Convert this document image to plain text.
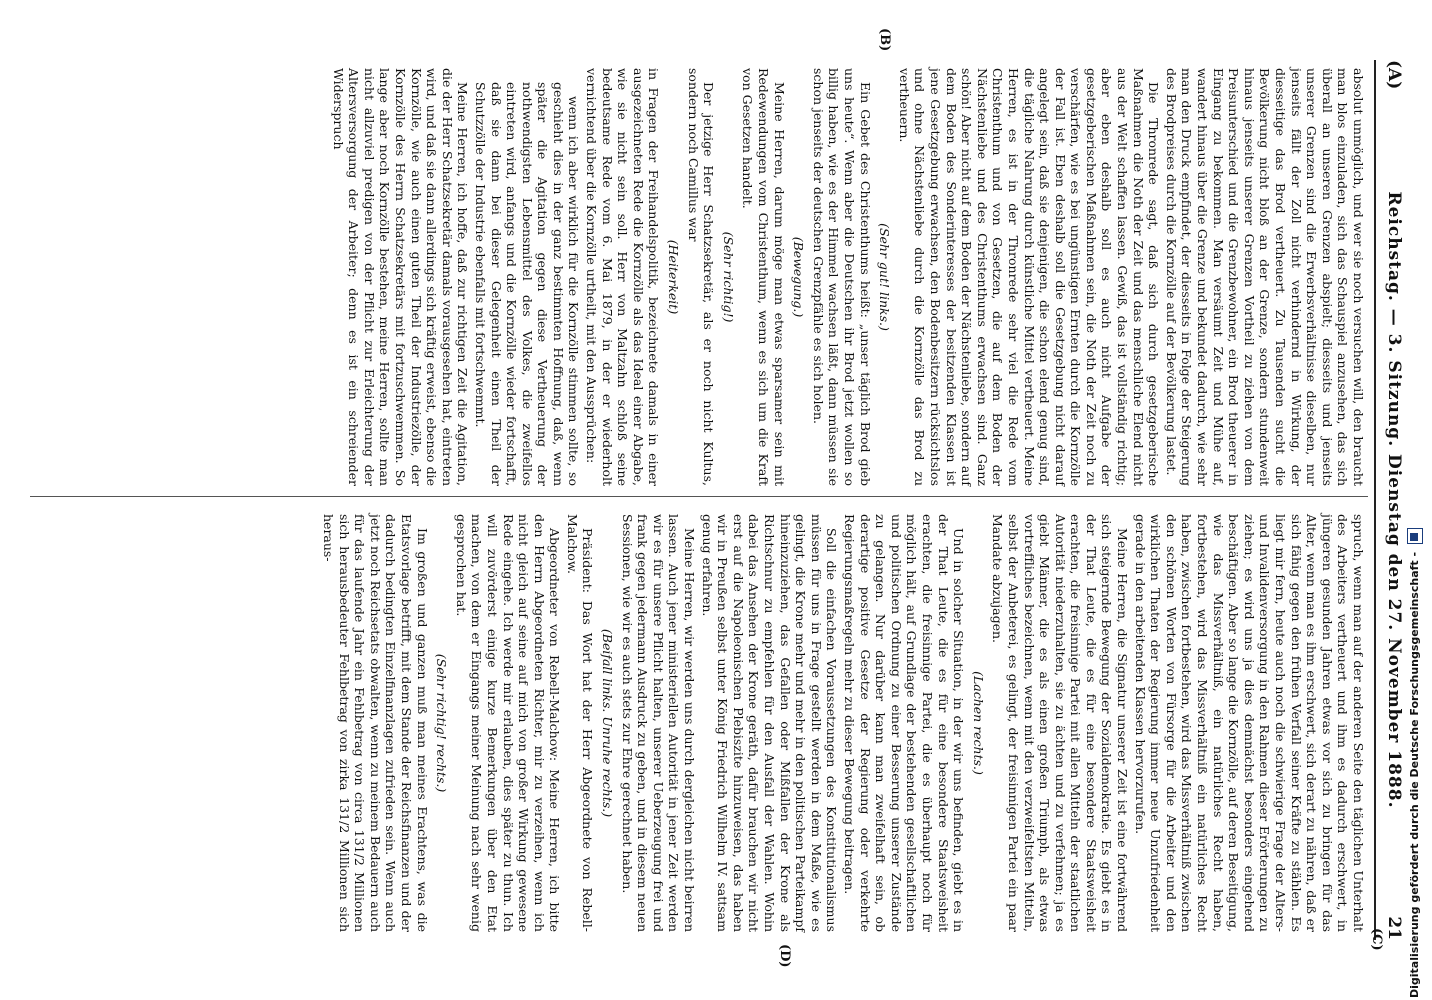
(A)
Reichstag. — 3. Sitzung. Dienstag den 27. November 1888.
21
(C)
(B)
(D)

absolut unmöglich, und wer sie noch versuchen will, den braucht man blos einzuladen, sich das Schauspiel anzusehen, das sich überall an unseren Grenzen abspielt; diesseits und jenseits unserer Grenzen sind die Erwerbsverhältnisse dieselben, nur jenseits fällt der Zoll nicht verhindernd in Wirkung, der diesseitige das Brod vertheuert. Zu Tausenden sucht die Bevölkerung nicht bloß an der Grenze, sondern stundenweit hinaus jenseits unserer Grenzen Vortheil zu ziehen von dem Preisunterschied und die Grenzbewohner, ein Brod theuerer in Eingang zu bekommen. Man versäumt Zeit und Mühe auf, wandert hinaus über die Grenze und bekundet dadurch, wie sehr man den Druck empfindet, der diesseits in Folge der Steigerung des Brodpreises durch die Kornzölle auf der Bevölkerung lastet.

Die Thronrede sagt, daß sich durch gesetzgeberische Maßnahmen die Noth der Zeit und das menschliche Elend nicht aus der Welt schaffen lassen. Gewiß, das ist vollständig richtig; aber eben deshalb soll es auch nicht Aufgabe der gesetzgeberischen Maßnahmen sein, die Noth der Zeit noch zu verschärfen, wie es bei ungünstigen Ernten durch die Kornzölle der Fall ist. Eben deshalb soll die Gesetzgebung nicht darauf angelegt sein, daß sie denjenigen, die schon elend genug sind, die tägliche Nahrung durch künstliche Mittel vertheuert. Meine Herren, es ist in der Thronrede sehr viel die Rede vom Christenthum und von Gesetzen, die auf dem Boden der Nächstenliebe und des Christenthums erwachsen sind. Ganz schön! Aber nicht auf dem Boden der Nächstenliebe, sondern auf dem Boden des Sonderinteresses der besitzenden Klassen ist jene Gesetzgebung erwachsen, den Bodenbesitzern rücksichtslos und ohne Nächstenliebe durch die Kornzölle das Brod zu vertheuern.

(Sehr gut! links.)

Ein Gebet des Christenthums heißt: „unser täglich Brod gieb uns heute“. Wenn aber die Deutschen ihr Brod jetzt wollen so billig haben, wie es der Himmel wachsen läßt, dann müssen sie schon jenseits der deutschen Grenzpfähle es sich holen.

(Bewegung.)

Meine Herren, darum möge man etwas sparsamer sein mit Redewendungen vom Christenthum, wenn es sich um die Kraft von Gesetzen handelt.

(Sehr richtig!)

Der jetzige Herr Schatzsekretär, als er noch nicht Kultus, sondern noch Camillus war

(Heiterkeit)

in Fragen der Freihandelspolitik, bezeichnete damals in einer ausgezeichneten Rede die Kornzölle als das Ideal einer Abgabe, wie sie nicht sein soll. Herr von Maltzahn schloß seine bedeutsame Rede vom 6. Mai 1879, in der er wiederholt vernichtend über die Kornzölle urtheilt, mit den Aussprüchen:

wenn ich aber wirklich für die Kornzölle stimmen sollte, so geschieht dies in der ganz bestimmten Hoffnung, daß, wenn später die Agitation gegen diese Vertheuerung der nothwendigsten Lebensmittel des Volkes, die zweifellos eintreten wird, anfangs und die Kornzölle wieder fortschafft, daß sie dann bei dieser Gelegenheit einen Theil der Schutzzölle der Industrie ebenfalls mit fortschwemmt.

Meine Herren, ich hoffe, daß zur richtigen Zeit die Agitation, die der Herr Schatzsekretär damals vorausgesehen hat, eintreten wird, und daß sie dann allerdings sich kräftig erweist, ebenso die Kornzölle, wie auch einen guten Theil der Industriezölle, der Kornzölle des Herrn Schatzsekretärs mit fortzuschwemmen. So lange aber noch Kornzölle bestehen, meine Herren, sollte man nicht allzuviel predigen von der Pflicht zur Erleichterung der Altersversorgung der Arbeiter; denn es ist ein schreiender Widerspruch

spruch, wenn man auf der anderen Seite den täglichen Unterhalt des Arbeiters vertheuert und ihm es dadurch erschwert, in jüngeren gesunden Jahren etwas vor sich zu bringen für das Alter, wenn man es ihm erschwert, sich derart zu nähren, daß er sich fähig gegen den frühen Verfall seiner Kräfte zu stählen. Es liegt mir fern, heute auch noch die schwierige Frage der Alters- und Invalidenversorgung in den Rahmen dieser Erörterungen zu ziehen; es wird uns ja dies demnächst besonders eingehend beschäftigen. Aber so lange die Kornzölle, auf deren Beseitigung, wie das Missverhältniß, ein natürliches Recht haben, fortbestehen, wird das Missverhältniß ein natürliches Recht haben, zwischen fortbestehen, wird das Missverhältniß zwischen den schönen Worten von Fürsorge für die Arbeiter und den wirklichen Thaten der Regierung immer neue Unzufriedenheit gerade in den arbeitenden Klassen hervorzurufen.

Meine Herren, die Signatur unserer Zeit ist eine fortwährend sich steigernde Bewegung der Sozialdemokratie. Es giebt es in der That Leute, die es für eine besondere Staatsweisheit erachten, die freisinnige Partei mit allen Mitteln der staatlichen Autorität niederzuhalten, sie zu ächten und zu verfehmen; ja es giebt Männer, die es als einen großen Triumph, als etwas vortreffliches bezeichnen, wenn mit den verzweifeltsten Mitteln, selbst der Anbeterei, es gelingt, der freisinnigen Partei ein paar Mandate abzujagen.

(Lachen rechts.)

Und in solcher Situation, in der wir uns befinden, giebt es in der That Leute, die es für eine besondere Staatsweisheit erachten, die freisinnige Partei, die es überhaupt noch für möglich hält, auf Grundlage der bestehenden gesellschaftlichen und politischen Ordnung zu einer Besserung unserer Zustände zu gelangen. Nur darüber kann man zweifelhaft sein, ob derartige positive Gesetze der Regierung oder verkehrte Regierungsmaßregeln mehr zu dieser Bewegung beitragen.

Soll die einfachen Voraussetzungen des Konstitutionalismus müssen für uns in Frage gestellt werden in dem Maße, wie es gelingt, die Krone mehr und mehr in den politischen Parteikampf hineinzuziehen, das Gefallen oder Mißfallen der Krone als Richtschnur zu empfehlen für den Ausfall der Wahlen. Wohin dabei das Ansehen der Krone geräth, dafür brauchen wir nicht erst auf die Napoleonischen Plebiszite hinzuweisen, das haben wir in Preußen selbst unter König Friedrich Wilhelm IV. sattsam genug erfahren.

Meine Herren, wir werden uns durch dergleichen nicht beirren lassen. Auch jener ministeriellen Autorität in jener Zeit werden wir es für unsere Pflicht halten, unserer Ueberzeugung frei und frank gegen jedermann Ausdruck zu geben, und in diesem neuen Sessionen, wie wir es auch stets zur Ehre gerechnet haben.

(Beifall links. Unruhe rechts.)

Präsident: Das Wort hat der Herr Abgeordnete von Rebell-Malchow.

Abgeordneter von Rebell-Malchow: Meine Herren, ich bitte den Herrn Abgeordneten Richter, mir zu verzeihen, wenn ich nicht gleich auf seine auf mich von großer Wirkung gewesene Rede eingehe. Ich werde mir erlauben, dies später zu thun. Ich will zuvörderst einige kurze Bemerkungen über den Etat machen, von dem er Eingangs meiner Meinung nach sehr wenig gesprochen hat.

(Sehr richtig! rechts.)

Im großen und ganzen muß man meines Erachtens, was die Etatsvorlage betrifft, mit dem Stande der Reichsfinanzen und der dadurch bedingten Einzelfinanzlagen zufrieden sein. Wenn auch jetzt noch Reichsetats obwalten, wenn zu meinem Bedauern auch für das laufende Jahr ein Fehlbetrag von circa 131/2 Millionen sich herausbedeuter Fehlbetrag von zirka 131/2 Millionen sich heraus-

Digitalisierung gefördert durch die Deutsche Forschungsgemeinschaft -
